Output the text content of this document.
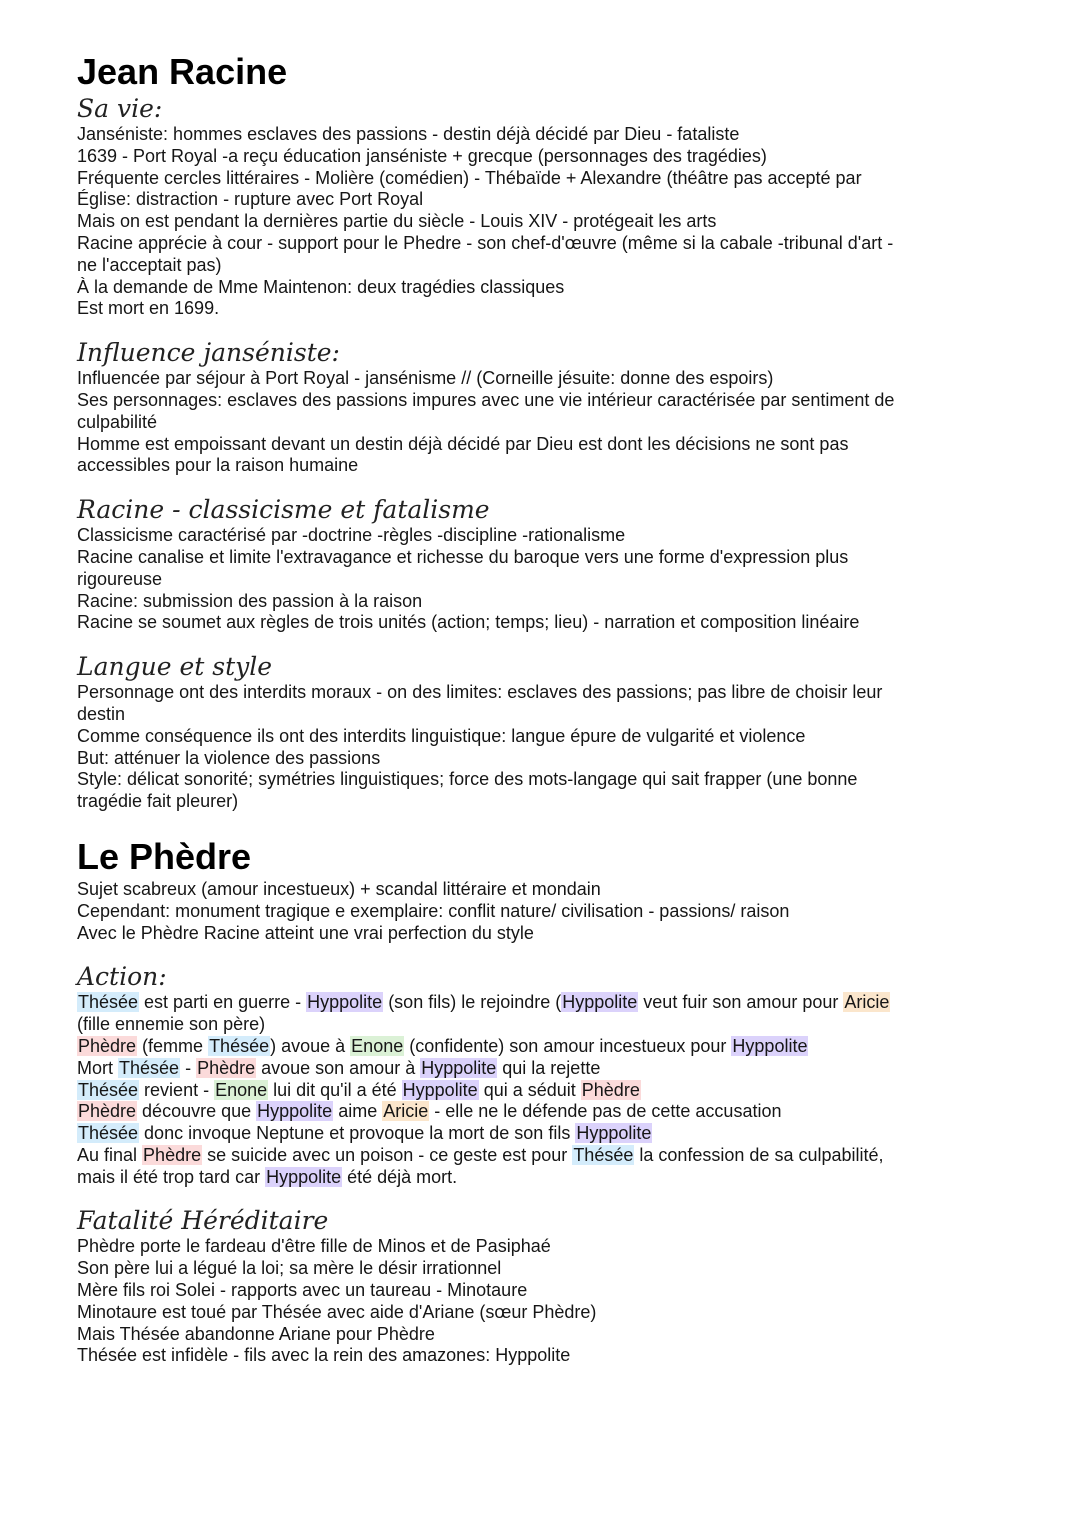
Jean Racine
Sa vie:
Janséniste: hommes esclaves des passions - destin déjà décidé par Dieu - fataliste
1639 - Port Royal -a reçu éducation janséniste + grecque (personnages des tragédies)
Fréquente cercles littéraires - Molière (comédien) - Thébaïde + Alexandre (théâtre pas accepté par
Église: distraction - rupture avec Port Royal
Mais on est pendant la dernières partie du siècle - Louis XIV - protégeait les arts
Racine apprécie à cour - support pour le Phedre - son chef-d'œuvre (même si la cabale -tribunal d'art -
ne l'acceptait pas)
À la demande de Mme Maintenon: deux tragédies classiques
Est mort en 1699.
Influence janséniste:
Influencée par séjour à Port Royal - jansénisme // (Corneille jésuite: donne des espoirs)
Ses personnages: esclaves des passions impures avec une vie intérieur caractérisée par sentiment de
culpabilité
Homme est empoissant devant un destin déjà décidé par Dieu est dont les décisions ne sont pas
accessibles pour la raison humaine
Racine - classicisme et fatalisme
Classicisme caractérisé par -doctrine -règles -discipline -rationalisme
Racine canalise et limite l'extravagance et richesse du baroque vers une forme d'expression plus
rigoureuse
Racine: submission des passion à la raison
Racine se soumet aux règles de trois unités (action; temps; lieu) - narration et composition linéaire
Langue et style
Personnage ont des interdits moraux - on des limites: esclaves des passions; pas libre de choisir leur
destin
Comme conséquence ils ont des interdits linguistique: langue épure de vulgarité et violence
But: atténuer la violence des passions
Style: délicat sonorité; symétries linguistiques; force des mots-langage qui sait frapper (une bonne
tragédie fait pleurer)
Le Phèdre
Sujet scabreux (amour incestueux) + scandal littéraire et mondain
Cependant: monument tragique e exemplaire: conflit nature/ civilisation - passions/ raison
Avec le Phèdre Racine atteint une vrai perfection du style
Action:
Thésée est parti en guerre - Hyppolite (son fils) le rejoindre (Hyppolite veut fuir son amour pour Aricie
(fille ennemie son père)
Phèdre (femme Thésée) avoue à Enone (confidente) son amour incestueux pour Hyppolite
Mort Thésée - Phèdre avoue son amour à Hyppolite qui la rejette
Thésée revient - Enone lui dit qu'il a été Hyppolite qui a séduit Phèdre
Phèdre découvre que Hyppolite aime Aricie - elle ne le défende pas de cette accusation
Thésée donc invoque Neptune et provoque la mort de son fils Hyppolite
Au final Phèdre se suicide avec un poison - ce geste est pour Thésée la confession de sa culpabilité,
mais il été trop tard car Hyppolite été déjà mort.
Fatalité Héréditaire
Phèdre porte le fardeau d'être fille de Minos et de Pasiphaé
Son père lui a légué la loi; sa mère le désir irrationnel
Mère fils roi Solei - rapports avec un taureau - Minotaure
Minotaure est toué par Thésée avec aide d'Ariane (sœur Phèdre)
Mais Thésée abandonne Ariane pour Phèdre
Thésée est infidèle - fils avec la rein des amazones: Hyppolite
